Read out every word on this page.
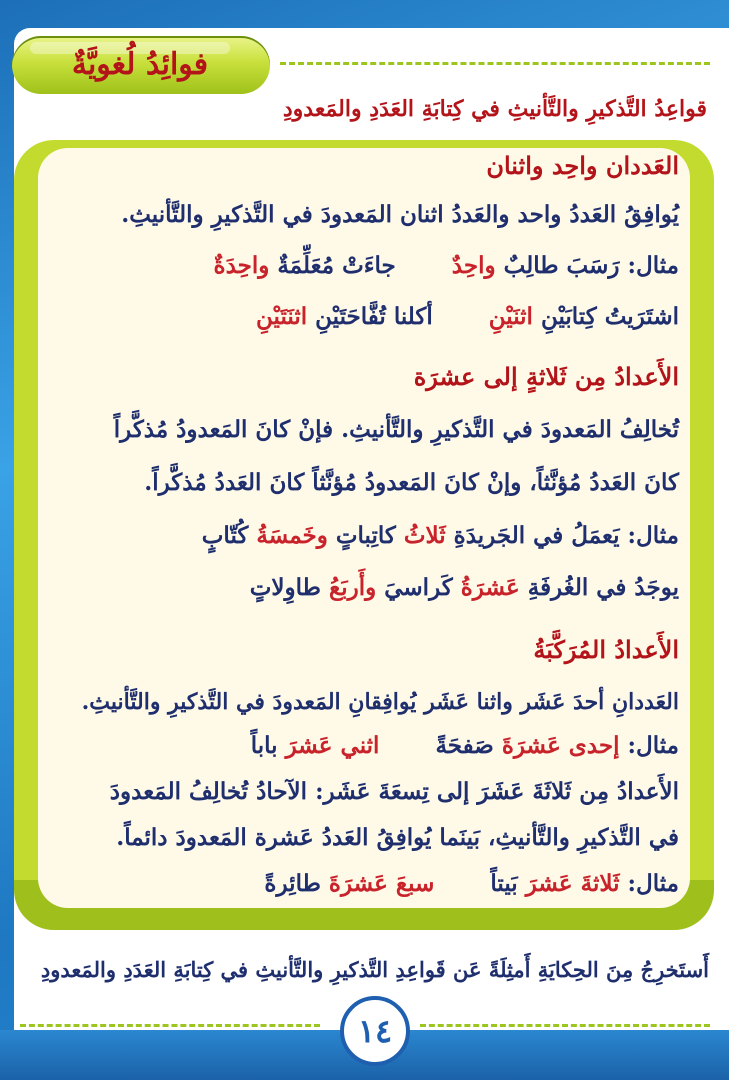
فوائِدُ لُغويَّةٌ
قواعِدُ التَّذكيرِ والتَّأنيثِ في كِتابَةِ العَدَدِ والمَعدودِ
العَددان واحِد واثنان
يُوافِقُ العَددُ واحد والعَددُ اثنان المَعدودَ في التَّذكيرِ والتَّأنيثِ.
مثال: رَسَبَ طالِبٌ واحِدٌ  جاءَتْ مُعَلِّمَةٌ واحِدَةٌ
اشتَرَيتُ كِتابَيْنِ اثنَيْنِ  أكلنا تُفَّاحَتَيْنِ اثنَتَيْنِ
الأَعدادُ مِن ثَلاثةٍ إلى عشرَة
تُخالِفُ المَعدودَ في التَّذكيرِ والتَّأنيثِ. فإنْ كانَ المَعدودُ مُذكَّراً
كانَ العَددُ مُؤنَّثاً، وإنْ كانَ المَعدودُ مُؤنَّثاً كانَ العَددُ مُذكَّراً.
مثال: يَعمَلُ في الجَريدَةِ ثَلاثُ كاتِباتٍ وخَمسَةُ كُتّابٍ
يوجَدُ في الغُرفَةِ عَشرَةُ كَراسيَ وأَربَعُ طاوِلاتٍ
الأَعدادُ المُرَكَّبَةُ
العَددانِ أحدَ عَشَر واثنا عَشَر يُوافِقانِ المَعدودَ في التَّذكيرِ والتَّأنيثِ.
مثال: إحدى عَشرَةَ صَفحَةً  اثني عَشرَ باباً
الأَعدادُ مِن ثَلاثَةَ عَشَرَ إلى تِسعَةَ عَشَر: الآحادُ تُخالِفُ المَعدودَ
في التَّذكيرِ والتَّأنيثِ، بَينَما يُوافِقُ العَددُ عَشرة المَعدودَ دائماً.
مثال: ثَلاثةَ عَشرَ بَيتاً  سبعَ عَشرَةَ طائِرةً
أَستَخرِجُ مِنَ الحِكايَةِ أَمثِلَةً عَن قَواعِدِ التَّذكيرِ والتَّأنيثِ في كِتابَةِ العَدَدِ والمَعدودِ
١٤
